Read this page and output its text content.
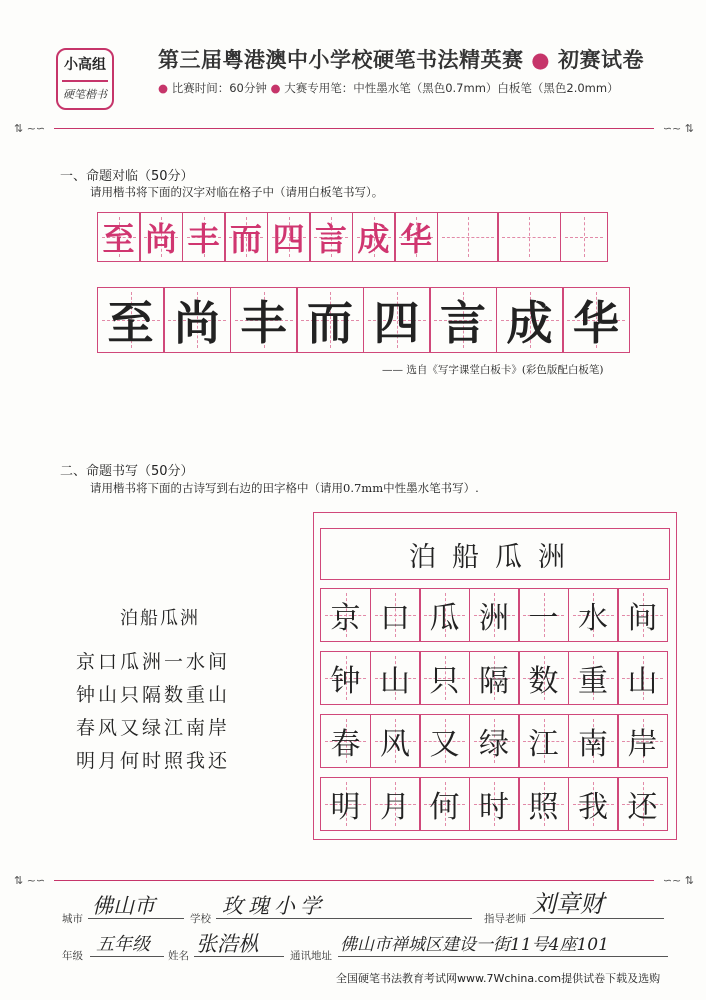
小高组
硬笔楷书
第三届粤港澳中小学校硬笔书法精英赛 ● 初赛试卷
● 比赛时间：60分钟 ● 大赛专用笔：中性墨水笔（黑色0.7mm）白板笔（黑色2.0mm）
⇅ ~∽	∽~ ⇅
一、命题对临（50分）
请用楷书将下面的汉字对临在格子中（请用白板笔书写）。
至 尚 丰 而 四 言 成 华
至 尚 丰 而 四 言 成 华
—— 选自《写字课堂白板卡》(彩色版配白板笔)
二、命题书写（50分）
请用楷书将下面的古诗写到右边的田字格中（请用0.7mm中性墨水笔书写）.
泊船瓜洲
京口瓜洲一水间
钟山只隔数重山
春风又绿江南岸
明月何时照我还
泊船瓜洲
京 口 瓜 洲 一 水 间
钟 山 只 隔 数 重 山
春 风 又 绿 江 南 岸
明 月 何 时 照 我 还
⇅ ~∽	∽~ ⇅
城市
佛山市
学校
玫瑰小学
指导老师
刘章财
年级
五年级
姓名 张浩枞	通讯地址
佛山市禅城区建设一街11号4座101
全国硬笔书法教育考试网www.7Wchina.com提供试卷下载及选购
